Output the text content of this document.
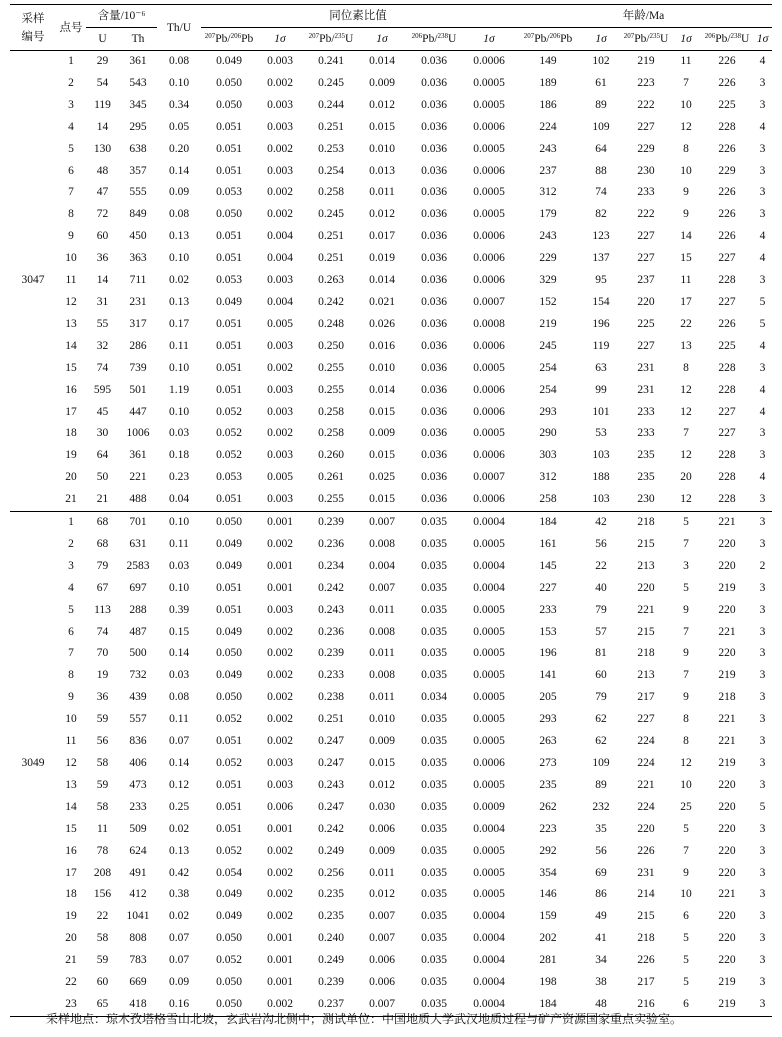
采样
编号	点号	含量/10⁻⁶		Th/U	同位素比值						年龄/Ma					
		U	Th		$^{207}$Pb/$^{206}$Pb	1σ	$^{207}$Pb/$^{235}$U	1σ	$^{206}$Pb/$^{238}$U	1σ	$^{207}$Pb/$^{206}$Pb	1σ	$^{207}$Pb/$^{235}$U	1σ	$^{206}$Pb/$^{238}$U	1σ
3047	1	29	361	0.08	0.049	0.003	0.241	0.014	0.036	0.0006	149	102	219	11	226	4
	2	54	543	0.10	0.050	0.002	0.245	0.009	0.036	0.0005	189	61	223	7	226	3
	3	119	345	0.34	0.050	0.003	0.244	0.012	0.036	0.0005	186	89	222	10	225	3
	4	14	295	0.05	0.051	0.003	0.251	0.015	0.036	0.0006	224	109	227	12	228	4
	5	130	638	0.20	0.051	0.002	0.253	0.010	0.036	0.0005	243	64	229	8	226	3
	6	48	357	0.14	0.051	0.003	0.254	0.013	0.036	0.0006	237	88	230	10	229	3
	7	47	555	0.09	0.053	0.002	0.258	0.011	0.036	0.0005	312	74	233	9	226	3
	8	72	849	0.08	0.050	0.002	0.245	0.012	0.036	0.0005	179	82	222	9	226	3
	9	60	450	0.13	0.051	0.004	0.251	0.017	0.036	0.0006	243	123	227	14	226	4
	10	36	363	0.10	0.051	0.004	0.251	0.019	0.036	0.0006	229	137	227	15	227	4
	11	14	711	0.02	0.053	0.003	0.263	0.014	0.036	0.0006	329	95	237	11	228	3
	12	31	231	0.13	0.049	0.004	0.242	0.021	0.036	0.0007	152	154	220	17	227	5
	13	55	317	0.17	0.051	0.005	0.248	0.026	0.036	0.0008	219	196	225	22	226	5
	14	32	286	0.11	0.051	0.003	0.250	0.016	0.036	0.0006	245	119	227	13	225	4
	15	74	739	0.10	0.051	0.002	0.255	0.010	0.036	0.0005	254	63	231	8	228	3
	16	595	501	1.19	0.051	0.003	0.255	0.014	0.036	0.0006	254	99	231	12	228	4
	17	45	447	0.10	0.052	0.003	0.258	0.015	0.036	0.0006	293	101	233	12	227	4
	18	30	1006	0.03	0.052	0.002	0.258	0.009	0.036	0.0005	290	53	233	7	227	3
	19	64	361	0.18	0.052	0.003	0.260	0.015	0.036	0.0006	303	103	235	12	228	3
	20	50	221	0.23	0.053	0.005	0.261	0.025	0.036	0.0007	312	188	235	20	228	4
	21	21	488	0.04	0.051	0.003	0.255	0.015	0.036	0.0006	258	103	230	12	228	3
3049	1	68	701	0.10	0.050	0.001	0.239	0.007	0.035	0.0004	184	42	218	5	221	3
	2	68	631	0.11	0.049	0.002	0.236	0.008	0.035	0.0005	161	56	215	7	220	3
	3	79	2583	0.03	0.049	0.001	0.234	0.004	0.035	0.0004	145	22	213	3	220	2
	4	67	697	0.10	0.051	0.001	0.242	0.007	0.035	0.0004	227	40	220	5	219	3
	5	113	288	0.39	0.051	0.003	0.243	0.011	0.035	0.0005	233	79	221	9	220	3
	6	74	487	0.15	0.049	0.002	0.236	0.008	0.035	0.0005	153	57	215	7	221	3
	7	70	500	0.14	0.050	0.002	0.239	0.011	0.035	0.0005	196	81	218	9	220	3
	8	19	732	0.03	0.049	0.002	0.233	0.008	0.035	0.0005	141	60	213	7	219	3
	9	36	439	0.08	0.050	0.002	0.238	0.011	0.034	0.0005	205	79	217	9	218	3
	10	59	557	0.11	0.052	0.002	0.251	0.010	0.035	0.0005	293	62	227	8	221	3
	11	56	836	0.07	0.051	0.002	0.247	0.009	0.035	0.0005	263	62	224	8	221	3
	12	58	406	0.14	0.052	0.003	0.247	0.015	0.035	0.0006	273	109	224	12	219	3
	13	59	473	0.12	0.051	0.003	0.243	0.012	0.035	0.0005	235	89	221	10	220	3
	14	58	233	0.25	0.051	0.006	0.247	0.030	0.035	0.0009	262	232	224	25	220	5
	15	11	509	0.02	0.051	0.001	0.242	0.006	0.035	0.0004	223	35	220	5	220	3
	16	78	624	0.13	0.052	0.002	0.249	0.009	0.035	0.0005	292	56	226	7	220	3
	17	208	491	0.42	0.054	0.002	0.256	0.011	0.035	0.0005	354	69	231	9	220	3
	18	156	412	0.38	0.049	0.002	0.235	0.012	0.035	0.0005	146	86	214	10	221	3
	19	22	1041	0.02	0.049	0.002	0.235	0.007	0.035	0.0004	159	49	215	6	220	3
	20	58	808	0.07	0.050	0.001	0.240	0.007	0.035	0.0004	202	41	218	5	220	3
	21	59	783	0.07	0.052	0.001	0.249	0.006	0.035	0.0004	281	34	226	5	220	3
	22	60	669	0.09	0.050	0.001	0.239	0.006	0.035	0.0004	198	38	217	5	219	3
	23	65	418	0.16	0.050	0.002	0.237	0.007	0.035	0.0004	184	48	216	6	219	3
采样地点：琼木孜塔格雪山北坡，玄武岩沟北侧中；测试单位：中国地质大学武汉地质过程与矿产资源国家重点实验室。
